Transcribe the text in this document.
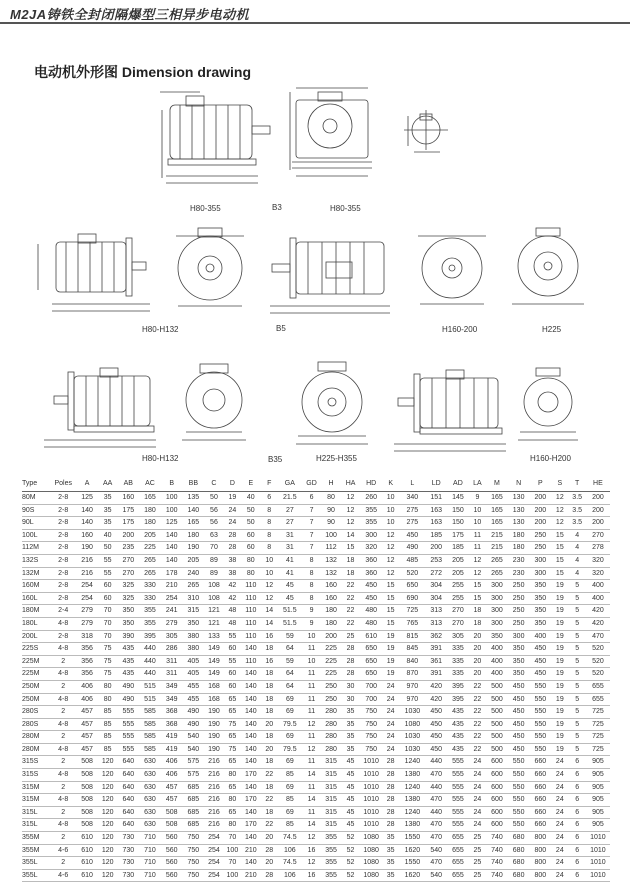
M2JA铸铁全封闭隔爆型三相异步电动机
电动机外形图 Dimension drawing
H80-355	B3	H80-355
H80-H132	B5	H160-200	H225
H80-H132	B35	H225-H355	H160-H200
Type	Poles	A	AA	AB	AC	B	BB	C	D	E	F	GA	GD	H	HA	HD	K	L	LD	AD	LA	M	N	P	S	T	HE
80M	2-8	125	35	160	165	100	135	50	19	40	6	21.5	6	80	12	260	10	340	151	145	9	165	130	200	12	3.5	200
90S	2-8	140	35	175	180	100	140	56	24	50	8	27	7	90	12	355	10	275	163	150	10	165	130	200	12	3.5	200
90L	2-8	140	35	175	180	125	165	56	24	50	8	27	7	90	12	355	10	275	163	150	10	165	130	200	12	3.5	200
100L	2-8	160	40	200	205	140	180	63	28	60	8	31	7	100	14	300	12	450	185	175	11	215	180	250	15	4	270
112M	2-8	190	50	235	225	140	190	70	28	60	8	31	7	112	15	320	12	490	200	185	11	215	180	250	15	4	278
132S	2-8	216	55	270	265	140	205	89	38	80	10	41	8	132	18	360	12	485	253	205	12	265	230	300	15	4	320
132M	2-8	216	55	270	265	178	240	89	38	80	10	41	8	132	18	360	12	520	272	205	12	265	230	300	15	4	320
160M	2-8	254	60	325	330	210	265	108	42	110	12	45	8	160	22	450	15	650	304	255	15	300	250	350	19	5	400
160L	2-8	254	60	325	330	254	310	108	42	110	12	45	8	160	22	450	15	690	304	255	15	300	250	350	19	5	400
180M	2-4	279	70	350	355	241	315	121	48	110	14	51.5	9	180	22	480	15	725	313	270	18	300	250	350	19	5	420
180L	4-8	279	70	350	355	279	350	121	48	110	14	51.5	9	180	22	480	15	765	313	270	18	300	250	350	19	5	420
200L	2-8	318	70	390	395	305	380	133	55	110	16	59	10	200	25	610	19	815	362	305	20	350	300	400	19	5	470
225S	4-8	356	75	435	440	286	380	149	60	140	18	64	11	225	28	650	19	845	391	335	20	400	350	450	19	5	520
225M	2	356	75	435	440	311	405	149	55	110	16	59	10	225	28	650	19	840	361	335	20	400	350	450	19	5	520
225M	4-8	356	75	435	440	311	405	149	60	140	18	64	11	225	28	650	19	870	391	335	20	400	350	450	19	5	520
250M	2	406	80	490	515	349	455	168	60	140	18	64	11	250	30	700	24	970	420	395	22	500	450	550	19	5	655
250M	4-8	406	80	490	515	349	455	168	65	140	18	69	11	250	30	700	24	970	420	395	22	500	450	550	19	5	655
280S	2	457	85	555	585	368	490	190	65	140	18	69	11	280	35	750	24	1030	450	435	22	500	450	550	19	5	725
280S	4-8	457	85	555	585	368	490	190	75	140	20	79.5	12	280	35	750	24	1080	450	435	22	500	450	550	19	5	725
280M	2	457	85	555	585	419	540	190	65	140	18	69	11	280	35	750	24	1030	450	435	22	500	450	550	19	5	725
280M	4-8	457	85	555	585	419	540	190	75	140	20	79.5	12	280	35	750	24	1030	450	435	22	500	450	550	19	5	725
315S	2	508	120	640	630	406	575	216	65	140	18	69	11	315	45	1010	28	1240	440	555	24	600	550	660	24	6	905
315S	4-8	508	120	640	630	406	575	216	80	170	22	85	14	315	45	1010	28	1380	470	555	24	600	550	660	24	6	905
315M	2	508	120	640	630	457	685	216	65	140	18	69	11	315	45	1010	28	1240	440	555	24	600	550	660	24	6	905
315M	4-8	508	120	640	630	457	685	216	80	170	22	85	14	315	45	1010	28	1380	470	555	24	600	550	660	24	6	905
315L	2	508	120	640	630	508	685	216	65	140	18	69	11	315	45	1010	28	1240	440	555	24	600	550	660	24	6	905
315L	4-8	508	120	640	630	508	685	216	80	170	22	85	14	315	45	1010	28	1380	470	555	24	600	550	660	24	6	905
355M	2	610	120	730	710	560	750	254	70	140	20	74.5	12	355	52	1080	35	1550	470	655	25	740	680	800	24	6	1010
355M	4-6	610	120	730	710	560	750	254	100	210	28	106	16	355	52	1080	35	1620	540	655	25	740	680	800	24	6	1010
355L	2	610	120	730	710	560	750	254	70	140	20	74.5	12	355	52	1080	35	1550	470	655	25	740	680	800	24	6	1010
355L	4-6	610	120	730	710	560	750	254	100	210	28	106	16	355	52	1080	35	1620	540	655	25	740	680	800	24	6	1010
